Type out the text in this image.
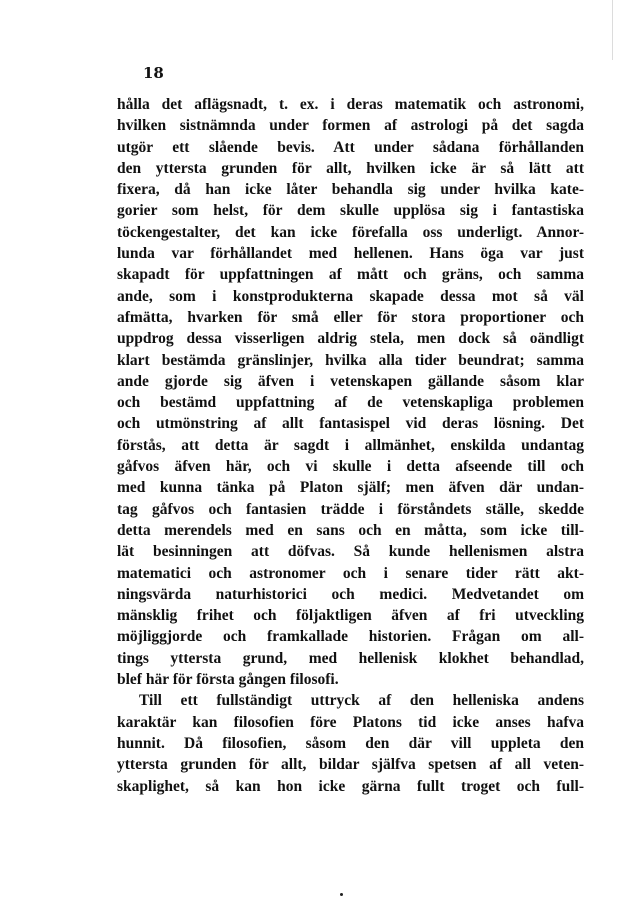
18
hålla det aflägsnadt, t. ex. i deras matematik och astronomi,
hvilken sistnämnda under formen af astrologi på det sagda
utgör ett slående bevis. Att under sådana förhållanden
den yttersta grunden för allt, hvilken icke är så lätt att
fixera, då han icke låter behandla sig under hvilka kate-
gorier som helst, för dem skulle upplösa sig i fantastiska
töckengestalter, det kan icke förefalla oss underligt. Annor-
lunda var förhållandet med hellenen. Hans öga var just
skapadt för uppfattningen af mått och gräns, och samma
ande, som i konstprodukterna skapade dessa mot så väl
afmätta, hvarken för små eller för stora proportioner och
uppdrog dessa visserligen aldrig stela, men dock så oändligt
klart bestämda gränslinjer, hvilka alla tider beundrat; samma
ande gjorde sig äfven i vetenskapen gällande såsom klar
och bestämd uppfattning af de vetenskapliga problemen
och utmönstring af allt fantasispel vid deras lösning. Det
förstås, att detta är sagdt i allmänhet, enskilda undantag
gåfvos äfven här, och vi skulle i detta afseende till och
med kunna tänka på Platon själf; men äfven där undan-
tag gåfvos och fantasien trädde i förståndets ställe, skedde
detta merendels med en sans och en måtta, som icke till-
lät besinningen att döfvas. Så kunde hellenismen alstra
matematici och astronomer och i senare tider rätt akt-
ningsvärda naturhistorici och medici. Medvetandet om
mänsklig frihet och följaktligen äfven af fri utveckling
möjliggjorde och framkallade historien. Frågan om all-
tings yttersta grund, med hellenisk klokhet behandlad,
blef här för första gången filosofi.
Till ett fullständigt uttryck af den helleniska andens
karaktär kan filosofien före Platons tid icke anses hafva
hunnit. Då filosofien, såsom den där vill uppleta den
yttersta grunden för allt, bildar själfva spetsen af all veten-
skaplighet, så kan hon icke gärna fullt troget och full-
